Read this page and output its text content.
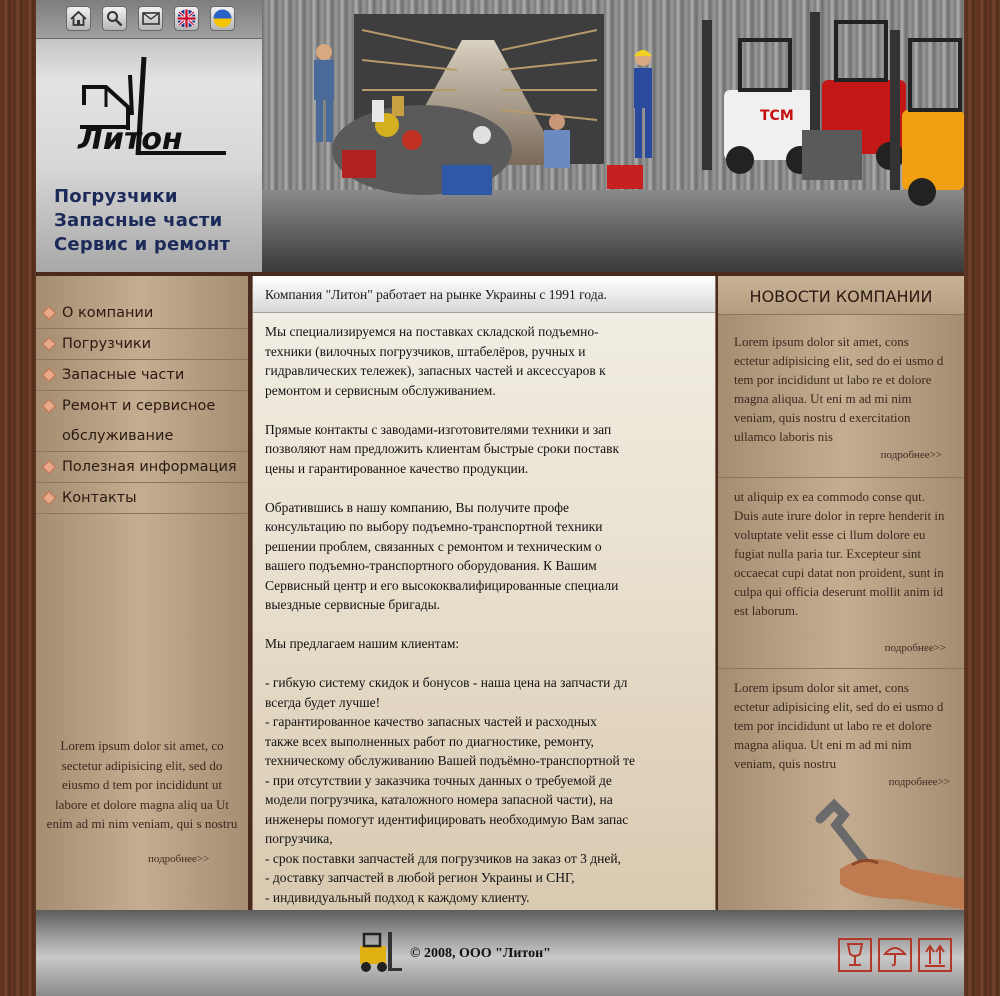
Литон
Погрузчики
Запасные части
Сервис и ремонт
TCM
О компании
Погрузчики
Запасные части
Ремонт и сервисное
обслуживание
Полезная информация
Контакты
Lorem ipsum dolor sit amet, co sectetur adipisicing elit, sed do eiusmo d tem por incididunt ut labore et dolore magna aliq ua Ut enim ad mi nim veniam, qui s nostru
подробнее>>
Компания "Литон" работает на рынке Украины с 1991 года.
Мы специализируемся на поставках складской подъемно-
техники (вилочных погрузчиков, штабелёров, ручных и
гидравлических тележек), запасных частей и аксессуаров к
ремонтом и сервисным обслуживанием.
Прямые контакты с заводами-изготовителями техники и зап
позволяют нам предложить клиентам быстрые сроки поставк
цены и гарантированное качество продукции.
Обратившись в нашу компанию, Вы получите профе
консультацию по выбору подъемно-транспортной техники
решении проблем, связанных с ремонтом и техническим о
вашего подъемно-транспортного оборудования. К Вашим
Сервисный центр и его высококвалифицированные специали
выездные сервисные бригады.
Мы предлагаем нашим клиентам:
- гибкую систему скидок и бонусов - наша цена на запчасти дл
всегда будет лучше!
- гарантированное качество запасных частей и расходных
также всех выполненных работ по диагностике, ремонту,
техническому обслуживанию Вашей подъёмно-транспортной те
- при отсутствии у заказчика точных данных о требуемой де
модели погрузчика, каталожного номера запасной части), на
инженеры помогут идентифицировать необходимую Вам запас
погрузчика,
- срок поставки запчастей для погрузчиков на заказ от 3 дней,
- доставку запчастей в любой регион Украины и СНГ,
- индивидуальный подход к каждому клиенту.
НОВОСТИ КОМПАНИИ
Lorem ipsum dolor sit amet, cons ectetur adipisicing elit, sed do ei usmo d tem por incididunt ut labo re et dolore magna aliqua. Ut eni m ad mi nim veniam, quis nostru d exercitation ullamco laboris nis
подробнее>>
ut aliquip ex ea commodo conse qut. Duis aute irure dolor in repre henderit in voluptate velit esse ci llum dolore eu fugiat nulla paria tur. Excepteur sint occaecat cupi datat non proident, sunt in culpa qui officia deserunt mollit anim id est laborum.
подробнее>>
Lorem ipsum dolor sit amet, cons ectetur adipisicing elit, sed do ei usmo d tem por incididunt ut labo re et dolore magna aliqua. Ut eni m ad mi nim veniam, quis nostru
подробнее>>
© 2008, ООО "Литон"
